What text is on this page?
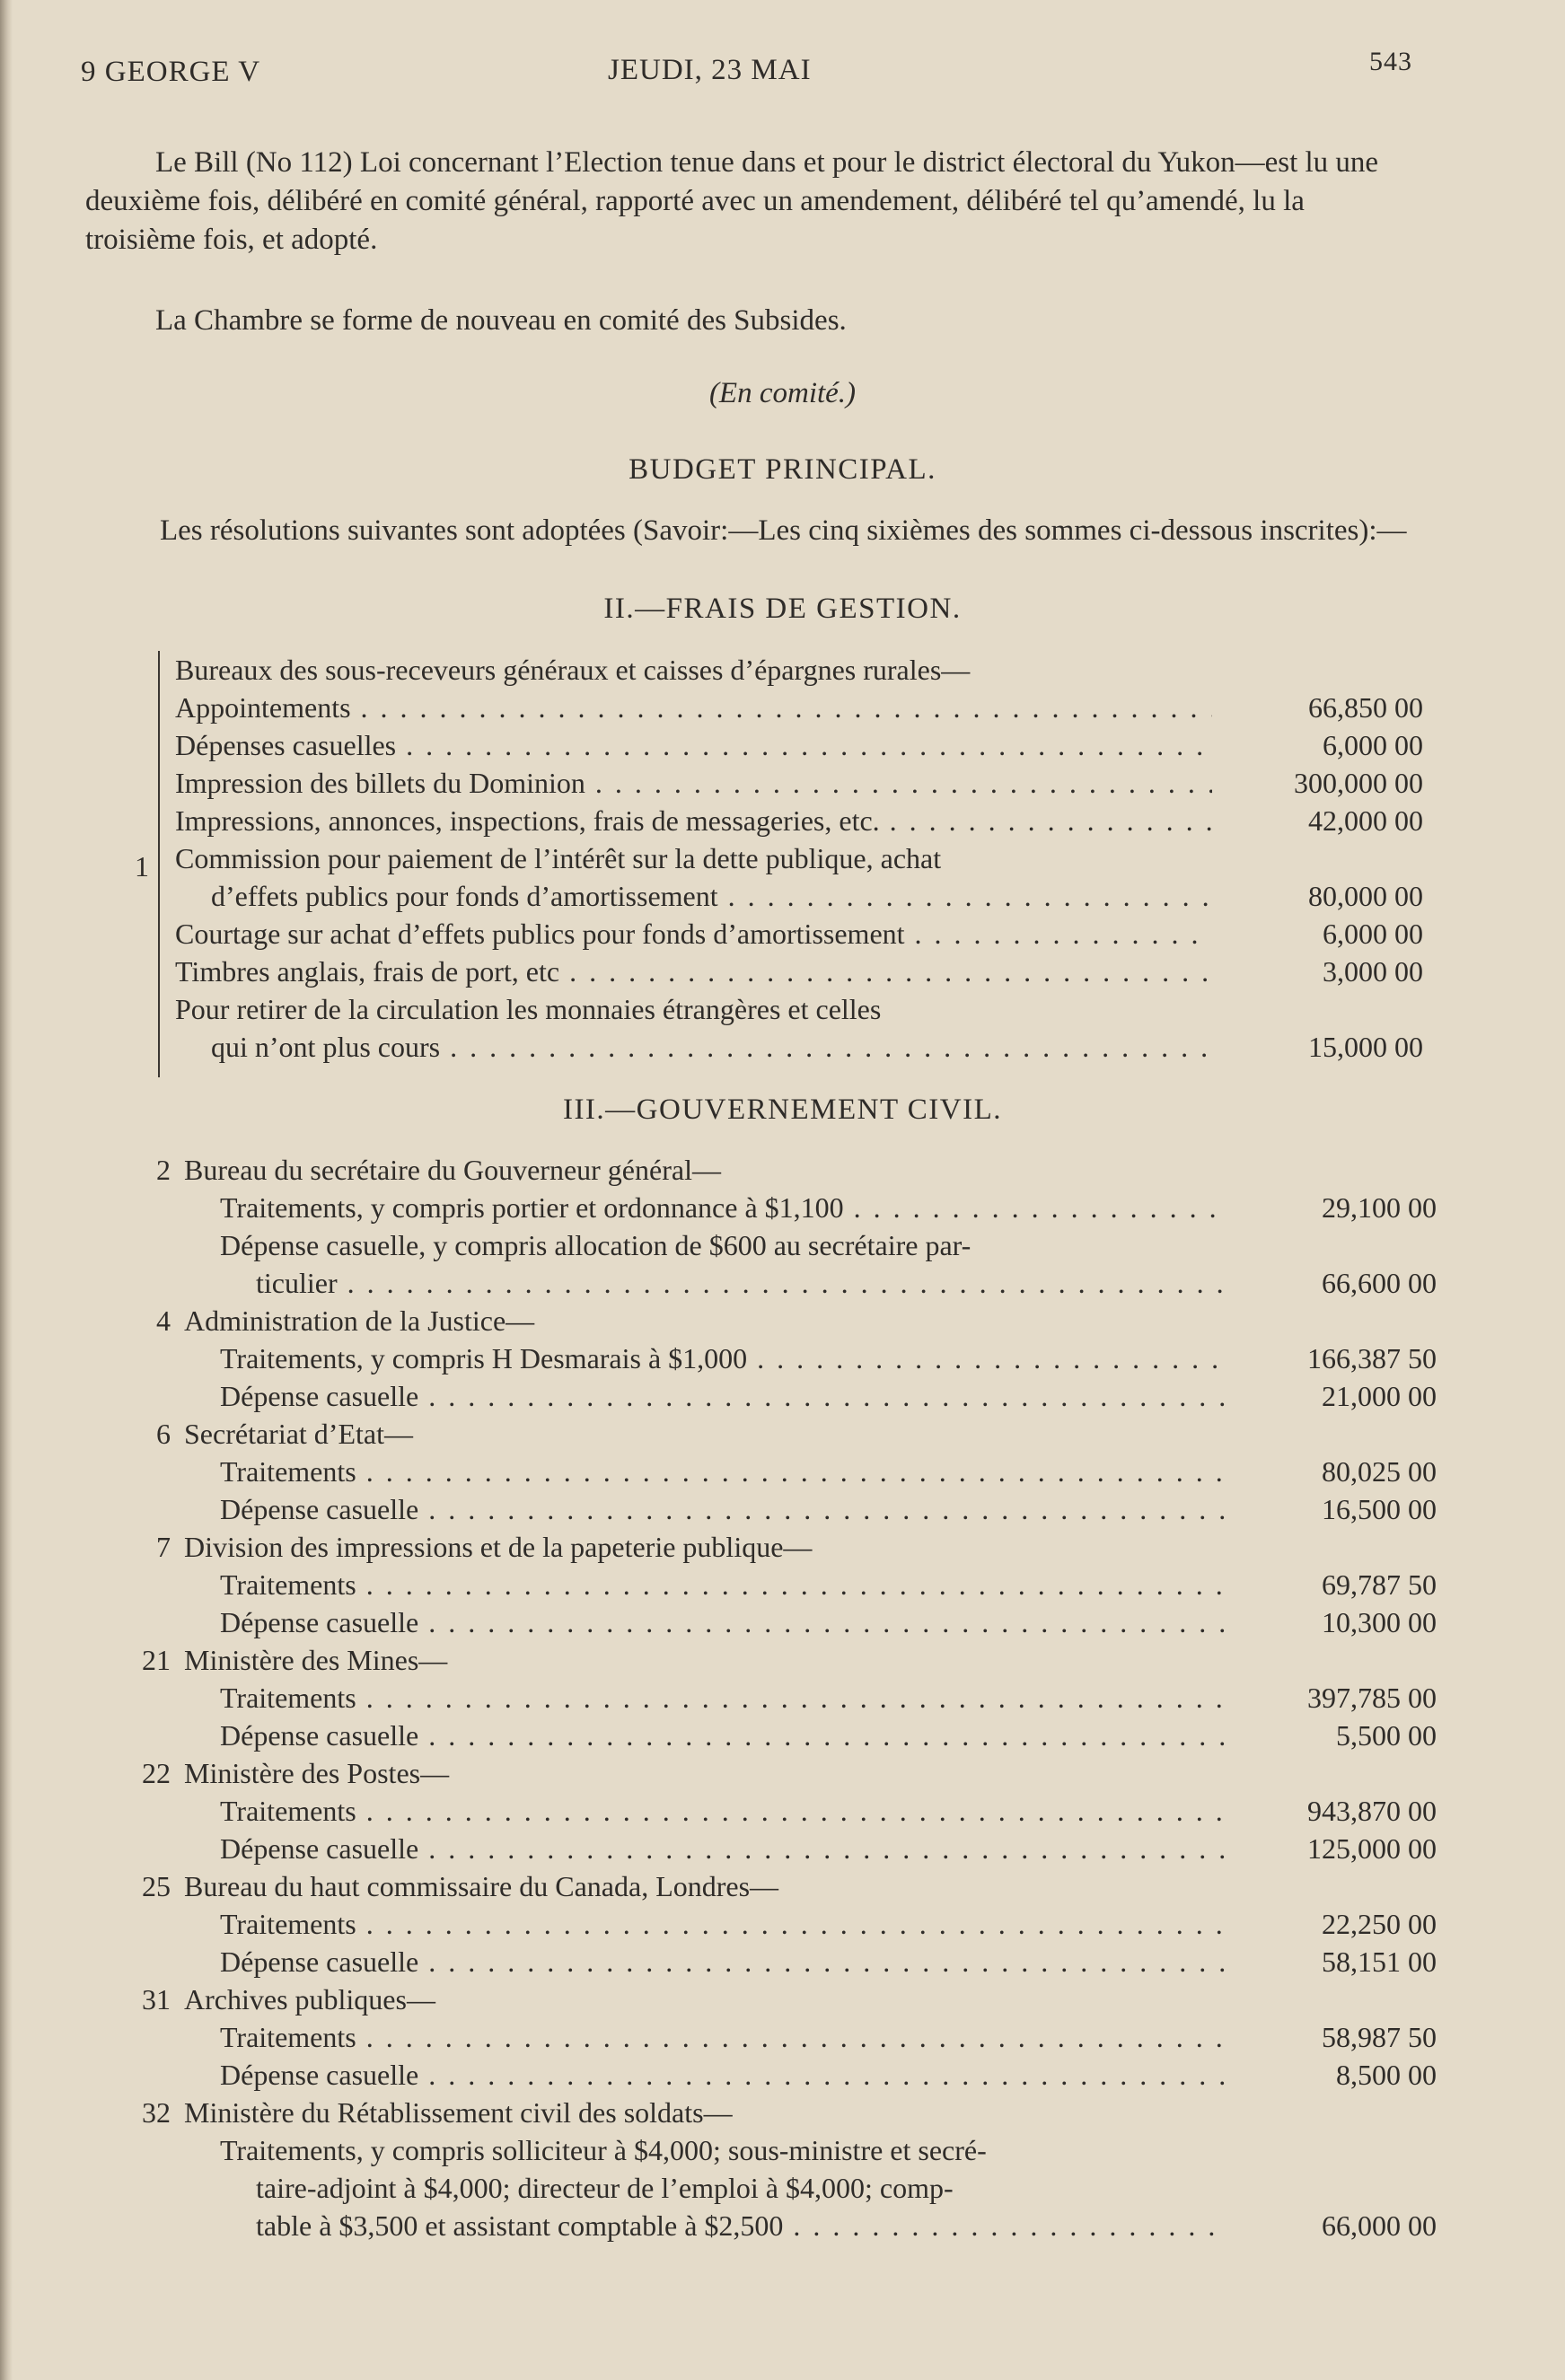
9 GEORGE V	JEUDI, 23 MAI	543
Le Bill (No 112) Loi concernant l’Election tenue dans et pour le district électoral du Yukon—est lu une deuxième fois, délibéré en comité général, rapporté avec un amendement, délibéré tel qu’amendé, lu la troisième fois, et adopté.
La Chambre se forme de nouveau en comité des Subsides.
(En comité.)
BUDGET PRINCIPAL.
Les résolutions suivantes sont adoptées (Savoir:—Les cinq sixièmes des sommes ci-dessous inscrites):—
II.—FRAIS DE GESTION.
1
Bureaux des sous-receveurs généraux et caisses d’épargnes rurales—
Appointements . . .	66,850 00
Dépenses casuelles . . .	6,000 00
Impression des billets du Dominion . . .	300,000 00
Impressions, annonces, inspections, frais de messageries, etc. . . .	42,000 00
Commission pour paiement de l’intérêt sur la dette publique, achat
d’effets publics pour fonds d’amortissement . . .	80,000 00
Courtage sur achat d’effets publics pour fonds d’amortissement . . .	6,000 00
Timbres anglais, frais de port, etc . . .	3,000 00
Pour retirer de la circulation les monnaies étrangères et celles
qui n’ont plus cours . . .	15,000 00
III.—GOUVERNEMENT CIVIL.
2 Bureau du secrétaire du Gouverneur général—
Traitements, y compris portier et ordonnance à $1,100 . . .	29,100 00
Dépense casuelle, y compris allocation de $600 au secrétaire par-
ticulier . . .	66,600 00
4 Administration de la Justice—
Traitements, y compris H Desmarais à $1,000 . . .	166,387 50
Dépense casuelle . . .	21,000 00
6 Secrétariat d’Etat—
Traitements . . .	80,025 00
Dépense casuelle . . .	16,500 00
7 Division des impressions et de la papeterie publique—
Traitements . . .	69,787 50
Dépense casuelle . . .	10,300 00
21 Ministère des Mines—
Traitements . . .	397,785 00
Dépense casuelle . . .	5,500 00
22 Ministère des Postes—
Traitements . . .	943,870 00
Dépense casuelle . . .	125,000 00
25 Bureau du haut commissaire du Canada, Londres—
Traitements . . .	22,250 00
Dépense casuelle . . .	58,151 00
31 Archives publiques—
Traitements . . .	58,987 50
Dépense casuelle . . .	8,500 00
32 Ministère du Rétablissement civil des soldats—
Traitements, y compris solliciteur à $4,000; sous-ministre et secré-
taire-adjoint à $4,000; directeur de l’emploi à $4,000; comp-
table à $3,500 et assistant comptable à $2,500 . . .	66,000 00
